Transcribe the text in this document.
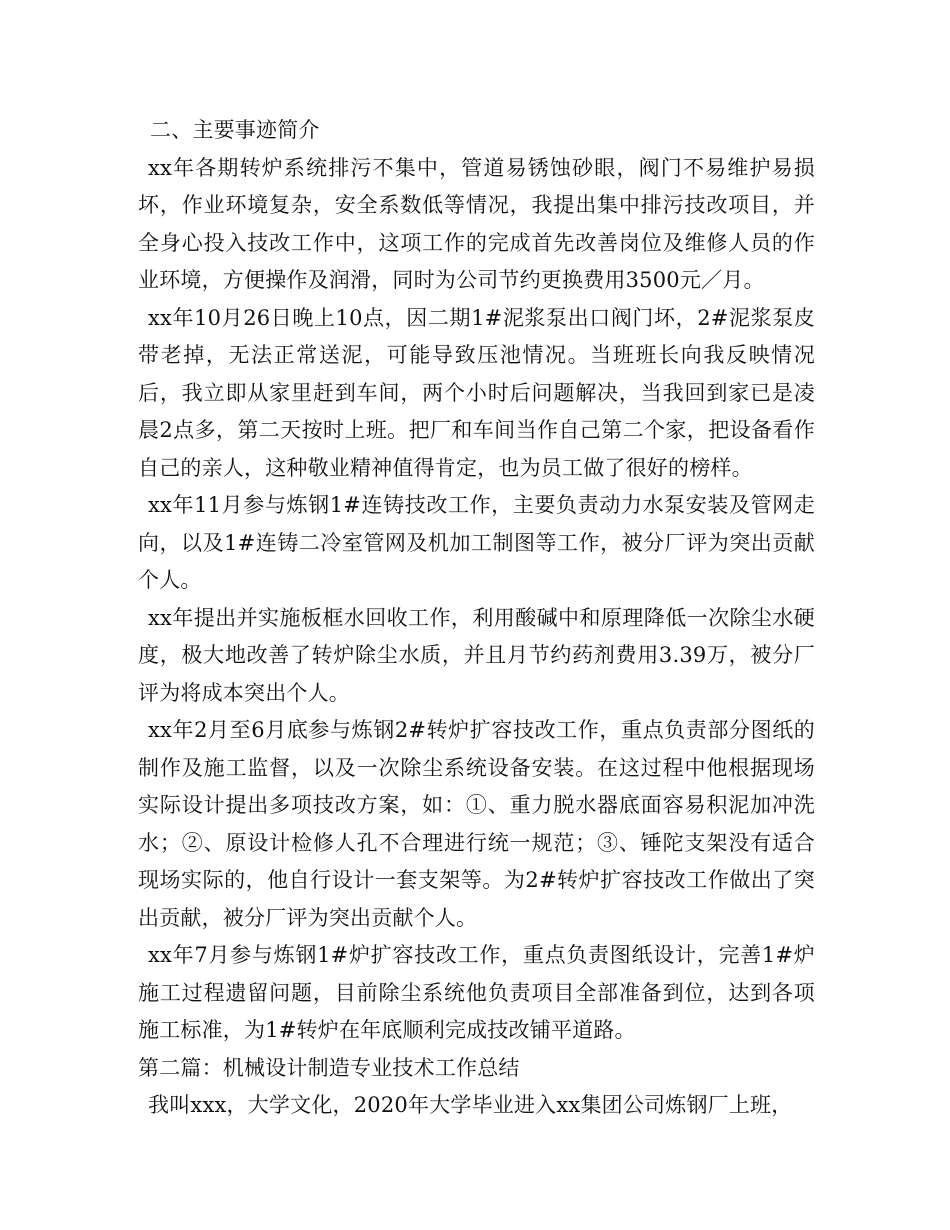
二、主要事迹简介

xx年各期转炉系统排污不集中，管道易锈蚀砂眼，阀门不易维护易损坏，作业环境复杂，安全系数低等情况，我提出集中排污技改项目，并全身心投入技改工作中，这项工作的完成首先改善岗位及维修人员的作业环境，方便操作及润滑，同时为公司节约更换费用3500元／月。

xx年10月26日晚上10点，因二期1#泥浆泵出口阀门坏，2#泥浆泵皮带老掉，无法正常送泥，可能导致压池情况。当班班长向我反映情况后，我立即从家里赶到车间，两个小时后问题解决，当我回到家已是凌晨2点多，第二天按时上班。把厂和车间当作自己第二个家，把设备看作自己的亲人，这种敬业精神值得肯定，也为员工做了很好的榜样。

xx年11月参与炼钢1#连铸技改工作，主要负责动力水泵安装及管网走向，以及1#连铸二冷室管网及机加工制图等工作，被分厂评为突出贡献个人。

xx年提出并实施板框水回收工作，利用酸碱中和原理降低一次除尘水硬度，极大地改善了转炉除尘水质，并且月节约药剂费用3.39万，被分厂评为将成本突出个人。

xx年2月至6月底参与炼钢2#转炉扩容技改工作，重点负责部分图纸的制作及施工监督，以及一次除尘系统设备安装。在这过程中他根据现场实际设计提出多项技改方案，如：①、重力脱水器底面容易积泥加冲洗水；②、原设计检修人孔不合理进行统一规范；③、锤陀支架没有适合现场实际的，他自行设计一套支架等。为2#转炉扩容技改工作做出了突出贡献，被分厂评为突出贡献个人。

xx年7月参与炼钢1#炉扩容技改工作，重点负责图纸设计，完善1#炉施工过程遗留问题，目前除尘系统他负责项目全部准备到位，达到各项施工标准，为1#转炉在年底顺利完成技改铺平道路。

第二篇：机械设计制造专业技术工作总结

我叫xxx，大学文化，2020年大学毕业进入xx集团公司炼钢厂上班，
